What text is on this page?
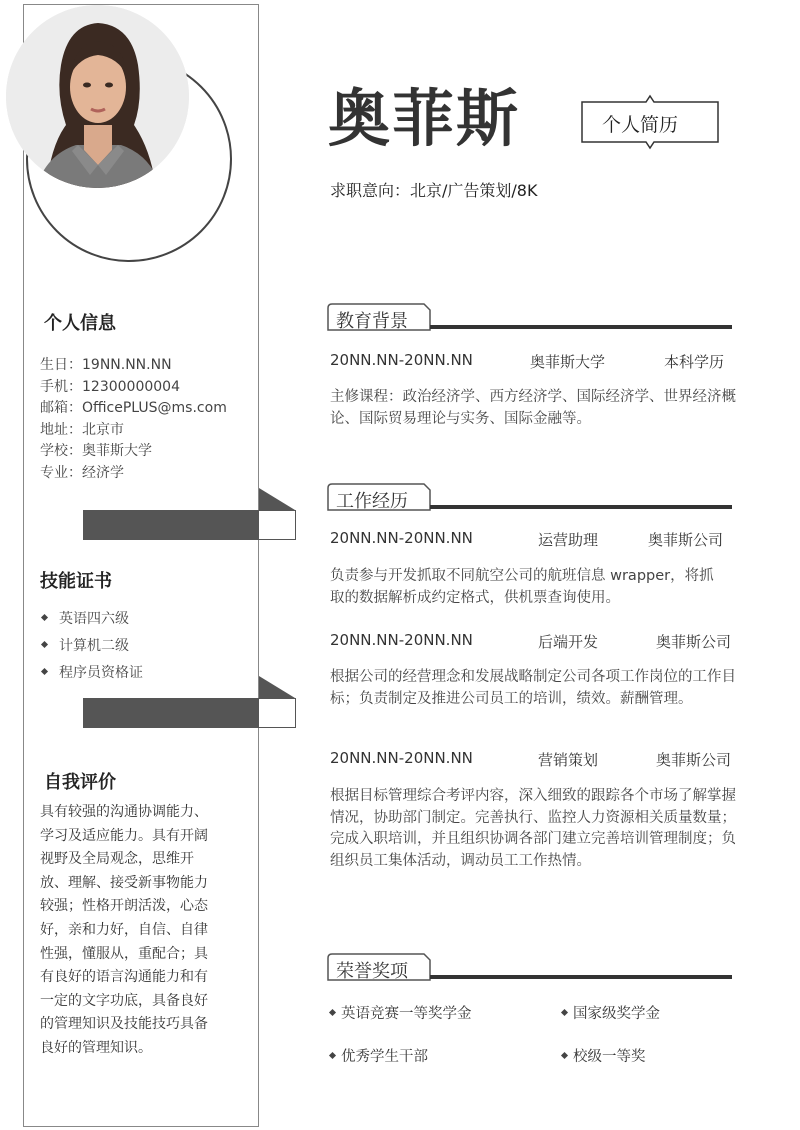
个人信息
生日：19NN.NN.NN
手机：12300000004
邮箱：OfficePLUS@ms.com
地址：北京市
学校：奥菲斯大学
专业：经济学
技能证书
英语四六级
计算机二级
程序员资格证
自我评价
具有较强的沟通协调能力、学习及适应能力。具有开阔视野及全局观念，思维开放、理解、接受新事物能力较强；性格开朗活泼，心态好，亲和力好，自信、自律性强，懂服从，重配合；具有良好的语言沟通能力和有一定的文字功底，具备良好的管理知识及技能技巧具备良好的管理知识。
奥菲斯	个人简历
求职意向：北京/广告策划/8K
教育背景
20NN.NN-20NN.NN	奥菲斯大学	本科学历
主修课程：政治经济学、西方经济学、国际经济学、世界经济概论、国际贸易理论与实务、国际金融等。
工作经历
20NN.NN-20NN.NN	运营助理	奥菲斯公司
负责参与开发抓取不同航空公司的航班信息 wrapper，将抓取的数据解析成约定格式，供机票查询使用。
20NN.NN-20NN.NN	后端开发	奥菲斯公司
根据公司的经营理念和发展战略制定公司各项工作岗位的工作目标；负责制定及推进公司员工的培训，绩效。薪酬管理。
20NN.NN-20NN.NN	营销策划	奥菲斯公司
根据目标管理综合考评内容，深入细致的跟踪各个市场了解掌握情况，协助部门制定。完善执行、监控人力资源相关质量数量；完成入职培训，并且组织协调各部门建立完善培训管理制度；负组织员工集体活动，调动员工工作热情。
荣誉奖项
英语竞赛一等奖学金	国家级奖学金
优秀学生干部	校级一等奖
